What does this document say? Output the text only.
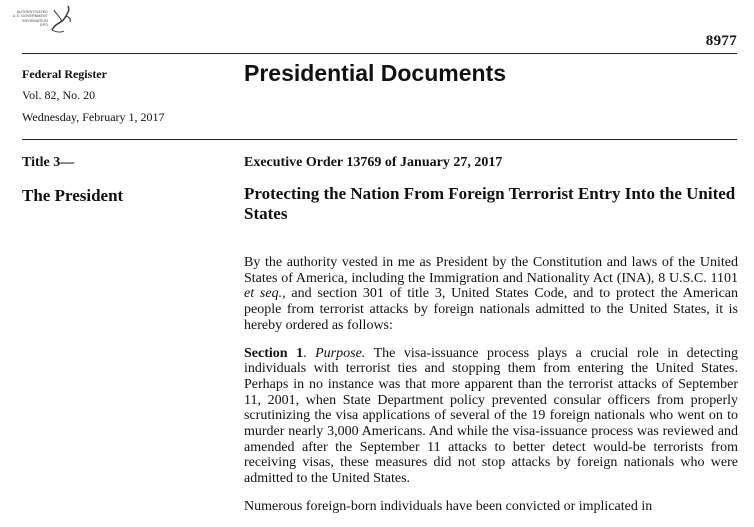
AUTHENTICATED
U.S. GOVERNMENT
INFORMATION
GPO
8977
Federal Register
Vol. 82, No. 20
Wednesday, February 1, 2017
Presidential Documents
Title 3—
The President
Executive Order 13769 of January 27, 2017
Protecting the Nation From Foreign Terrorist Entry Into the United States

By the authority vested in me as President by the Constitution and laws of the United States of America, including the Immigration and Nationality Act (INA), 8 U.S.C. 1101 et seq., and section 301 of title 3, United States Code, and to protect the American people from terrorist attacks by foreign nationals admitted to the United States, it is hereby ordered as follows:

Section 1. Purpose. The visa-issuance process plays a crucial role in detecting individuals with terrorist ties and stopping them from entering the United States. Perhaps in no instance was that more apparent than the terrorist attacks of September 11, 2001, when State Department policy prevented consular officers from properly scrutinizing the visa applications of several of the 19 foreign nationals who went on to murder nearly 3,000 Americans. And while the visa-issuance process was reviewed and amended after the September 11 attacks to better detect would-be terrorists from receiving visas, these measures did not stop attacks by foreign nationals who were admitted to the United States.

Numerous foreign-born individuals have been convicted or implicated in
